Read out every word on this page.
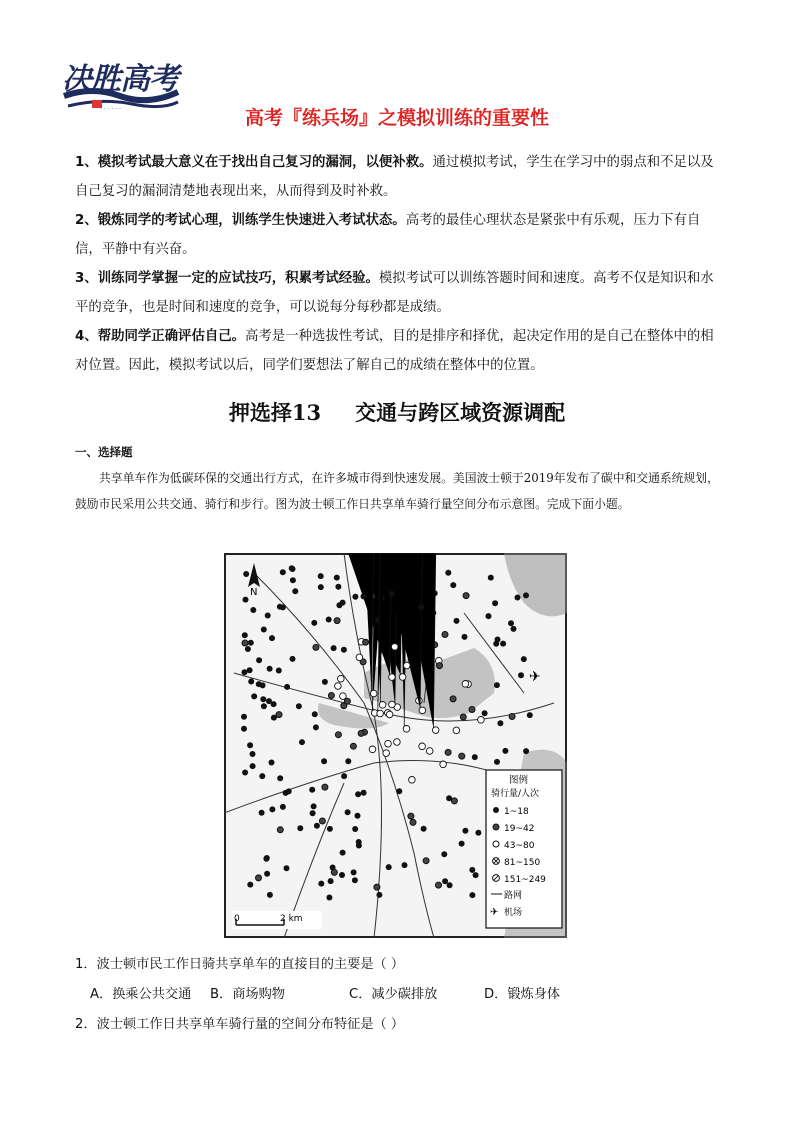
决胜高考
· · · · · ·	高考『练兵场』之模拟训练的重要性

1、模拟考试最大意义在于找出自己复习的漏洞，以便补救。通过模拟考试，学生在学习中的弱点和不足以及自己复习的漏洞清楚地表现出来，从而得到及时补救。

2、锻炼同学的考试心理，训练学生快速进入考试状态。高考的最佳心理状态是紧张中有乐观，压力下有自信，平静中有兴奋。

3、训练同学掌握一定的应试技巧，积累考试经验。模拟考试可以训练答题时间和速度。高考不仅是知识和水平的竞争，也是时间和速度的竞争，可以说每分每秒都是成绩。

4、帮助同学正确评估自己。高考是一种选拔性考试，目的是排序和择优，起决定作用的是自己在整体中的相对位置。因此，模拟考试以后，同学们要想法了解自己的成绩在整体中的位置。

押选择13 交通与跨区域资源调配
一、选择题
共享单车作为低碳环保的交通出行方式，在许多城市得到快速发展。美国波士顿于2019年发布了碳中和交通系统规划，鼓励市民采用公共交通、骑行和步行。图为波士顿工作日共享单车骑行量空间分布示意图。完成下面小题。
N
✈
图例
骑行量/人次
1~18
19~42
43~80
81~150
151~249
路网
✈ 机场
0	2 km

1．波士顿市民工作日骑共享单车的直接目的主要是（ ）

A．换乘公共交通	B．商场购物	C．减少碳排放	D．锻炼身体

2．波士顿工作日共享单车骑行量的空间分布特征是（ ）
